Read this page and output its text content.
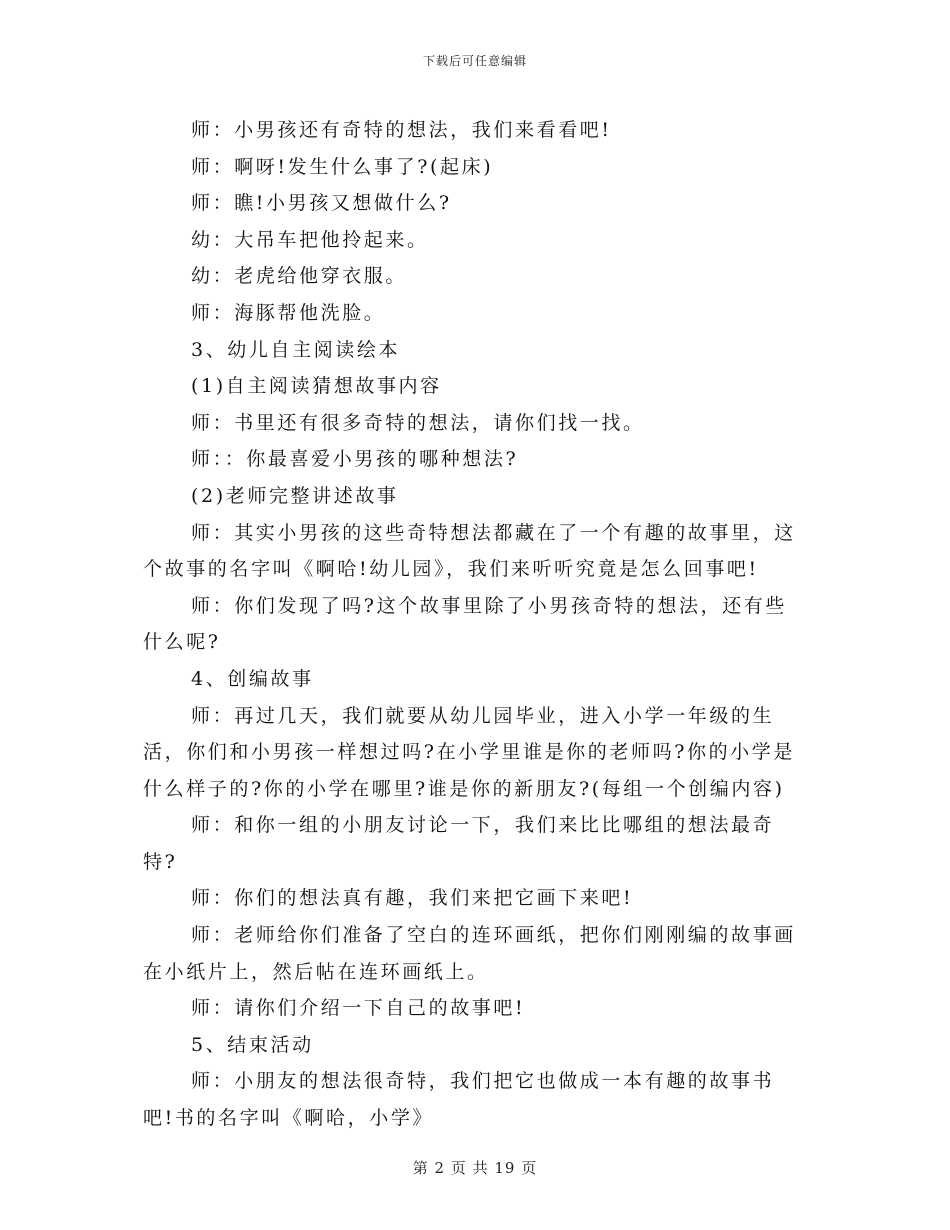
下载后可任意编辑

师：小男孩还有奇特的想法，我们来看看吧!

师：啊呀!发生什么事了?(起床)

师：瞧!小男孩又想做什么?

幼：大吊车把他拎起来。

幼：老虎给他穿衣服。

师：海豚帮他洗脸。

3、幼儿自主阅读绘本

(1)自主阅读猜想故事内容

师：书里还有很多奇特的想法，请你们找一找。

师：：你最喜爱小男孩的哪种想法?

(2)老师完整讲述故事

师：其实小男孩的这些奇特想法都藏在了一个有趣的故事里，这个故事的名字叫《啊哈!幼儿园》，我们来听听究竟是怎么回事吧!

师：你们发现了吗?这个故事里除了小男孩奇特的想法，还有些什么呢?

4、创编故事

师：再过几天，我们就要从幼儿园毕业，进入小学一年级的生活，你们和小男孩一样想过吗?在小学里谁是你的老师吗?你的小学是什么样子的?你的小学在哪里?谁是你的新朋友?(每组一个创编内容)

师：和你一组的小朋友讨论一下，我们来比比哪组的想法最奇特?

师：你们的想法真有趣，我们来把它画下来吧!

师：老师给你们准备了空白的连环画纸，把你们刚刚编的故事画在小纸片上，然后帖在连环画纸上。

师：请你们介绍一下自己的故事吧!

5、结束活动

师：小朋友的想法很奇特，我们把它也做成一本有趣的故事书吧!书的名字叫《啊哈，小学》

第 2 页 共 19 页
